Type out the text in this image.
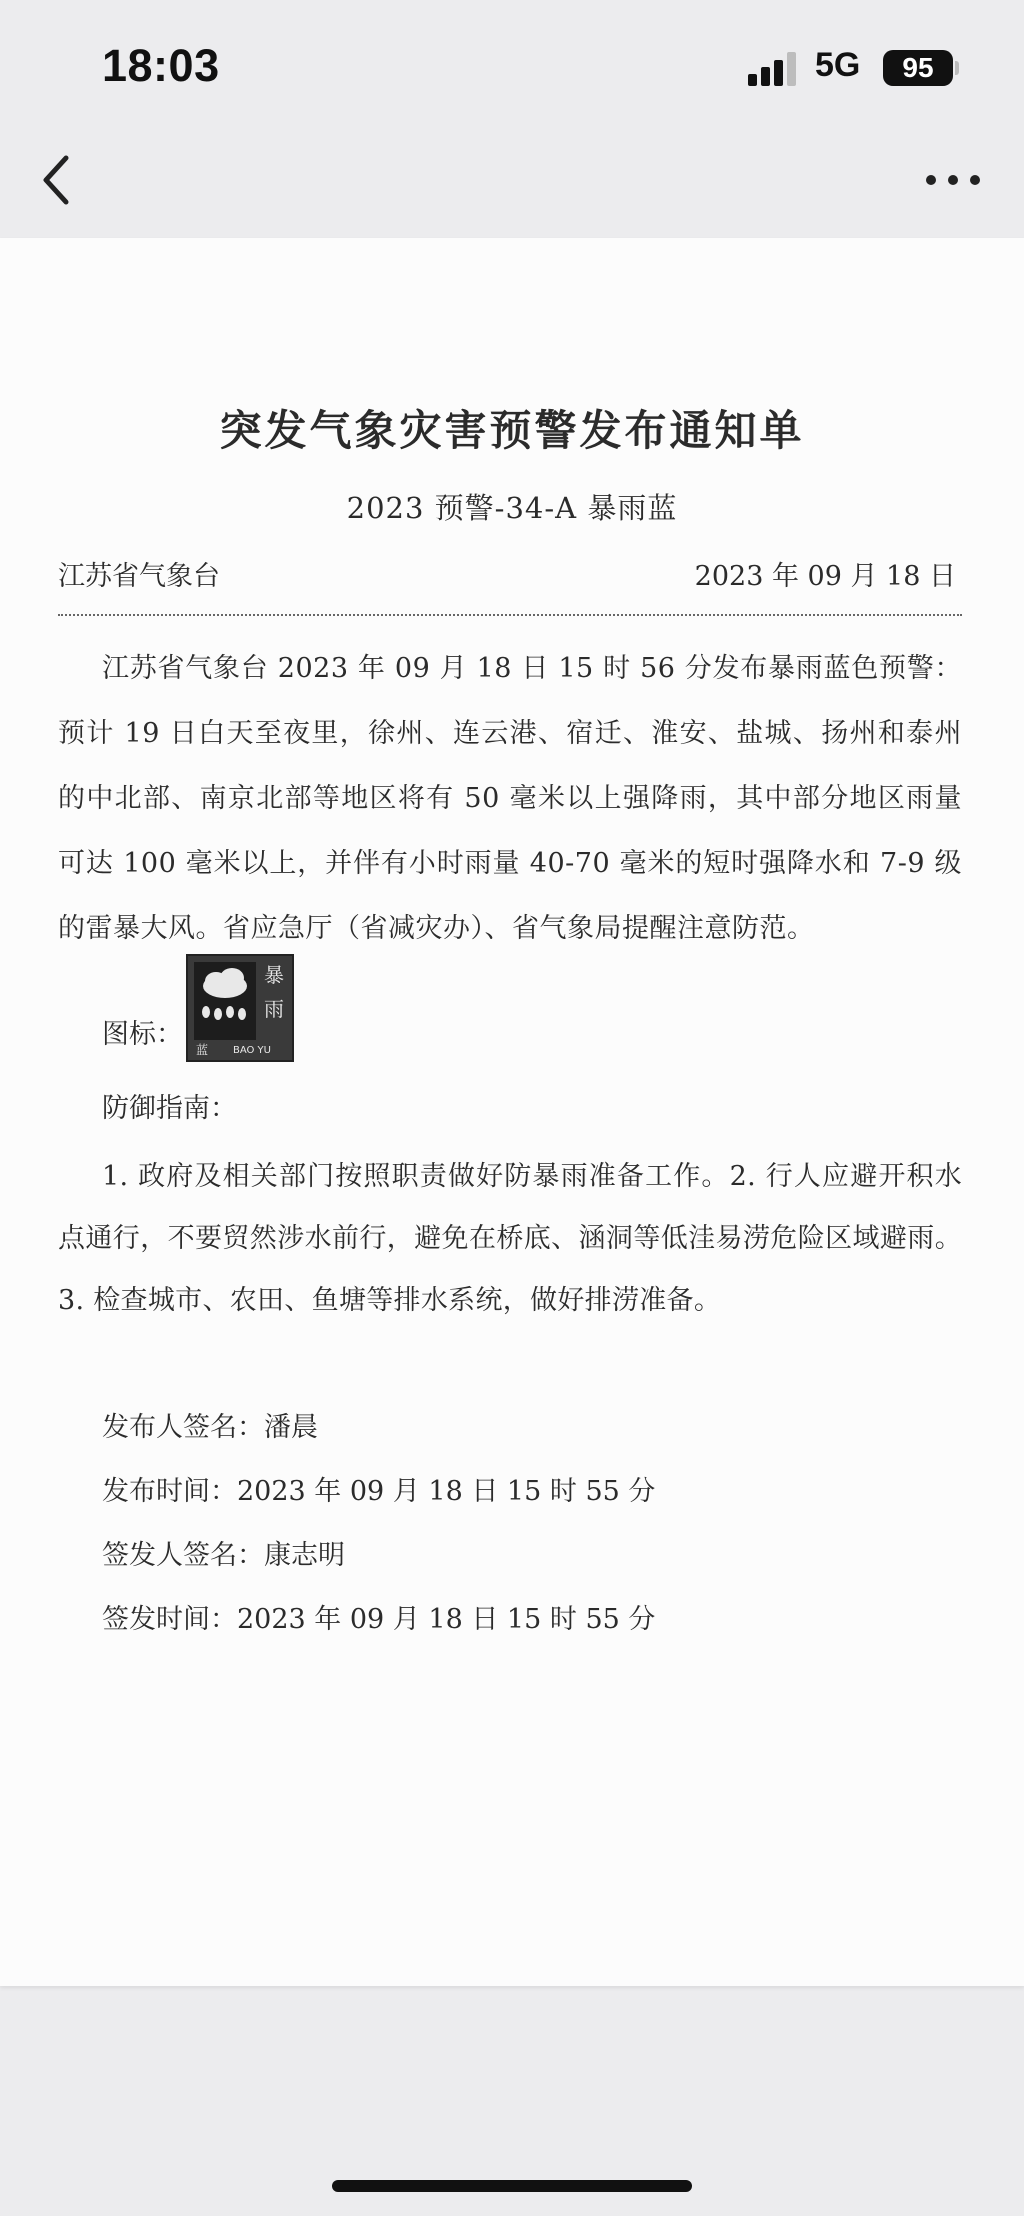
18:03	5G	95
突发气象灾害预警发布通知单
2023 预警-34-A 暴雨蓝
江苏省气象台	2023 年 09 月 18 日
江苏省气象台 2023 年 09 月 18 日 15 时 56 分发布暴雨蓝色预警：预计 19 日白天至夜里，徐州、连云港、宿迁、淮安、盐城、扬州和泰州的中北部、南京北部等地区将有 50 毫米以上强降雨，其中部分地区雨量可达 100 毫米以上，并伴有小时雨量 40-70 毫米的短时强降水和 7-9 级的雷暴大风。省应急厅（省减灾办）、省气象局提醒注意防范。
图标：
暴
雨
蓝 BAO YU
防御指南：
1. 政府及相关部门按照职责做好防暴雨准备工作。2. 行人应避开积水点通行，不要贸然涉水前行，避免在桥底、涵洞等低洼易涝危险区域避雨。3. 检查城市、农田、鱼塘等排水系统，做好排涝准备。
发布人签名：潘晨
发布时间：2023 年 09 月 18 日 15 时 55 分
签发人签名：康志明
签发时间：2023 年 09 月 18 日 15 时 55 分
